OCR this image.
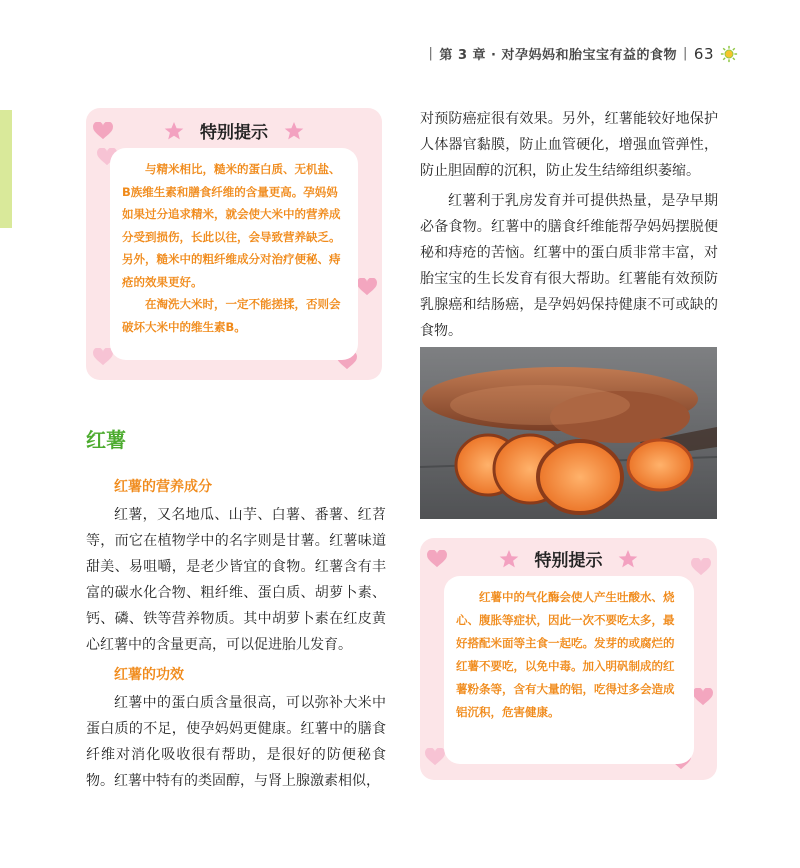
| 第 3 章 · 对孕妈妈和胎宝宝有益的食物 | 63
特别提示

与精米相比，糙米的蛋白质、无机盐、B族维生素和膳食纤维的含量更高。孕妈妈如果过分追求精米，就会使大米中的营养成分受到损伤，长此以往，会导致营养缺乏。另外，糙米中的粗纤维成分对治疗便秘、痔疮的效果更好。

在淘洗大米时，一定不能搓揉，否则会破坏大米中的维生素B。

红薯

红薯的营养成分

红薯，又名地瓜、山芋、白薯、番薯、红苕等，而它在植物学中的名字则是甘薯。红薯味道甜美、易咀嚼，是老少皆宜的食物。红薯含有丰富的碳水化合物、粗纤维、蛋白质、胡萝卜素、钙、磷、铁等营养物质。其中胡萝卜素在红皮黄心红薯中的含量更高，可以促进胎儿发育。

红薯的功效

红薯中的蛋白质含量很高，可以弥补大米中蛋白质的不足，使孕妈妈更健康。红薯中的膳食纤维对消化吸收很有帮助，是很好的防便秘食物。红薯中特有的类固醇，与肾上腺激素相似，

对预防癌症很有效果。另外，红薯能较好地保护人体器官黏膜，防止血管硬化，增强血管弹性，防止胆固醇的沉积，防止发生结缔组织萎缩。

红薯利于乳房发育并可提供热量，是孕早期必备食物。红薯中的膳食纤维能帮孕妈妈摆脱便秘和痔疮的苦恼。红薯中的蛋白质非常丰富，对胎宝宝的生长发育有很大帮助。红薯能有效预防乳腺癌和结肠癌，是孕妈妈保持健康不可或缺的食物。

特别提示

红薯中的气化酶会使人产生吐酸水、烧心、腹胀等症状，因此一次不要吃太多，最好搭配米面等主食一起吃。发芽的或腐烂的红薯不要吃，以免中毒。加入明矾制成的红薯粉条等，含有大量的铝，吃得过多会造成铝沉积，危害健康。
